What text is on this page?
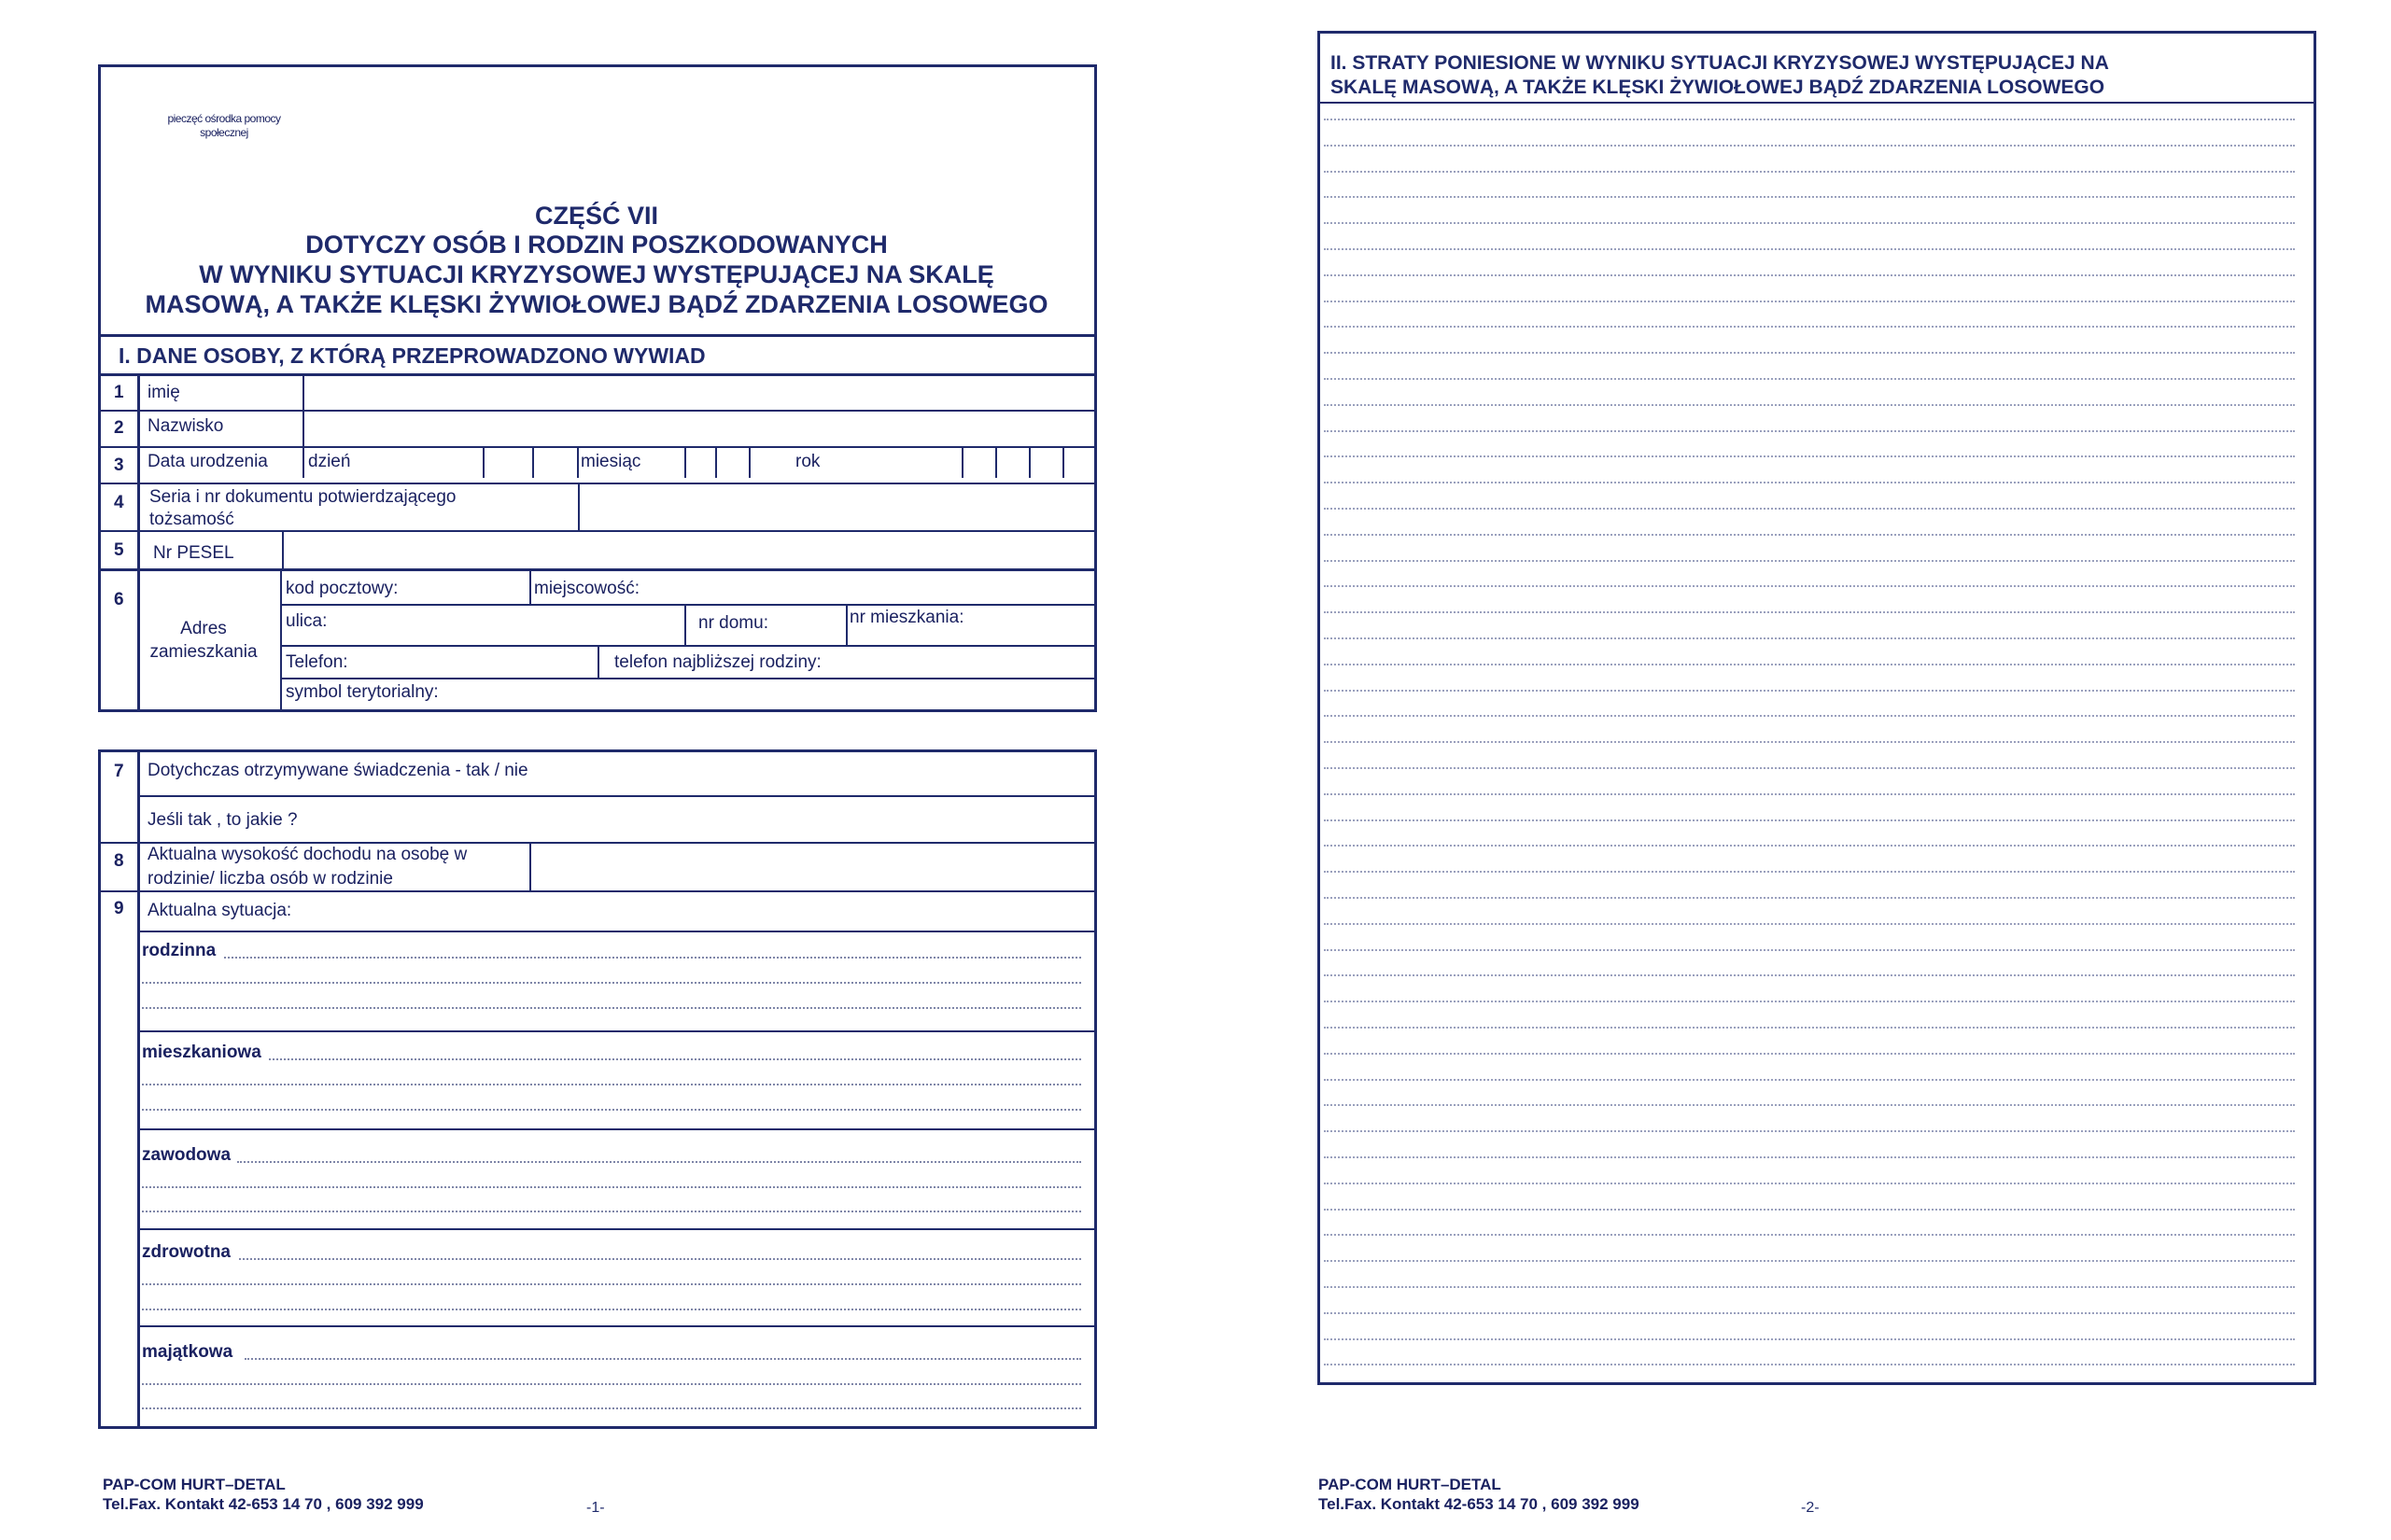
pieczęć ośrodka pomocy społecznej
CZĘŚĆ VII
DOTYCZY OSÓB I RODZIN POSZKODOWANYCH
W WYNIKU SYTUACJI KRYZYSOWEJ WYSTĘPUJĄCEJ NA SKALĘ
MASOWĄ, A TAKŻE KLĘSKI ŻYWIOŁOWEJ BĄDŹ ZDARZENIA LOSOWEGO
I. DANE OSOBY, Z KTÓRĄ PRZEPROWADZONO WYWIAD
1 imię
2 Nazwisko
3 Data urodzenia dzień	miesiąc	rok
4 Seria i nr dokumentu potwierdzającego
tożsamość
5 Nr PESEL
6
Adres
zamieszkania
kod pocztowy:	miejscowość:
ulica:	nr domu:	nr mieszkania:
Telefon:	telefon najbliższej rodziny:
symbol terytorialny:
7 Dotychczas otrzymywane świadczenia - tak / nie
Jeśli tak , to jakie ?
8 Aktualna wysokość dochodu na osobę w
rodzinie/ liczba osób w rodzinie
9 Aktualna sytuacja:
rodzinna
mieszkaniowa
zawodowa
zdrowotna
majątkowa
PAP-COM HURT–DETAL
Tel.Fax. Kontakt 42-653 14 70 , 609 392 999	-1-
II. STRATY PONIESIONE W WYNIKU SYTUACJI KRYZYSOWEJ WYSTĘPUJĄCEJ NA
SKALĘ MASOWĄ, A TAKŻE KLĘSKI ŻYWIOŁOWEJ BĄDŹ ZDARZENIA LOSOWEGO
PAP-COM HURT–DETAL
Tel.Fax. Kontakt 42-653 14 70 , 609 392 999	-2-
